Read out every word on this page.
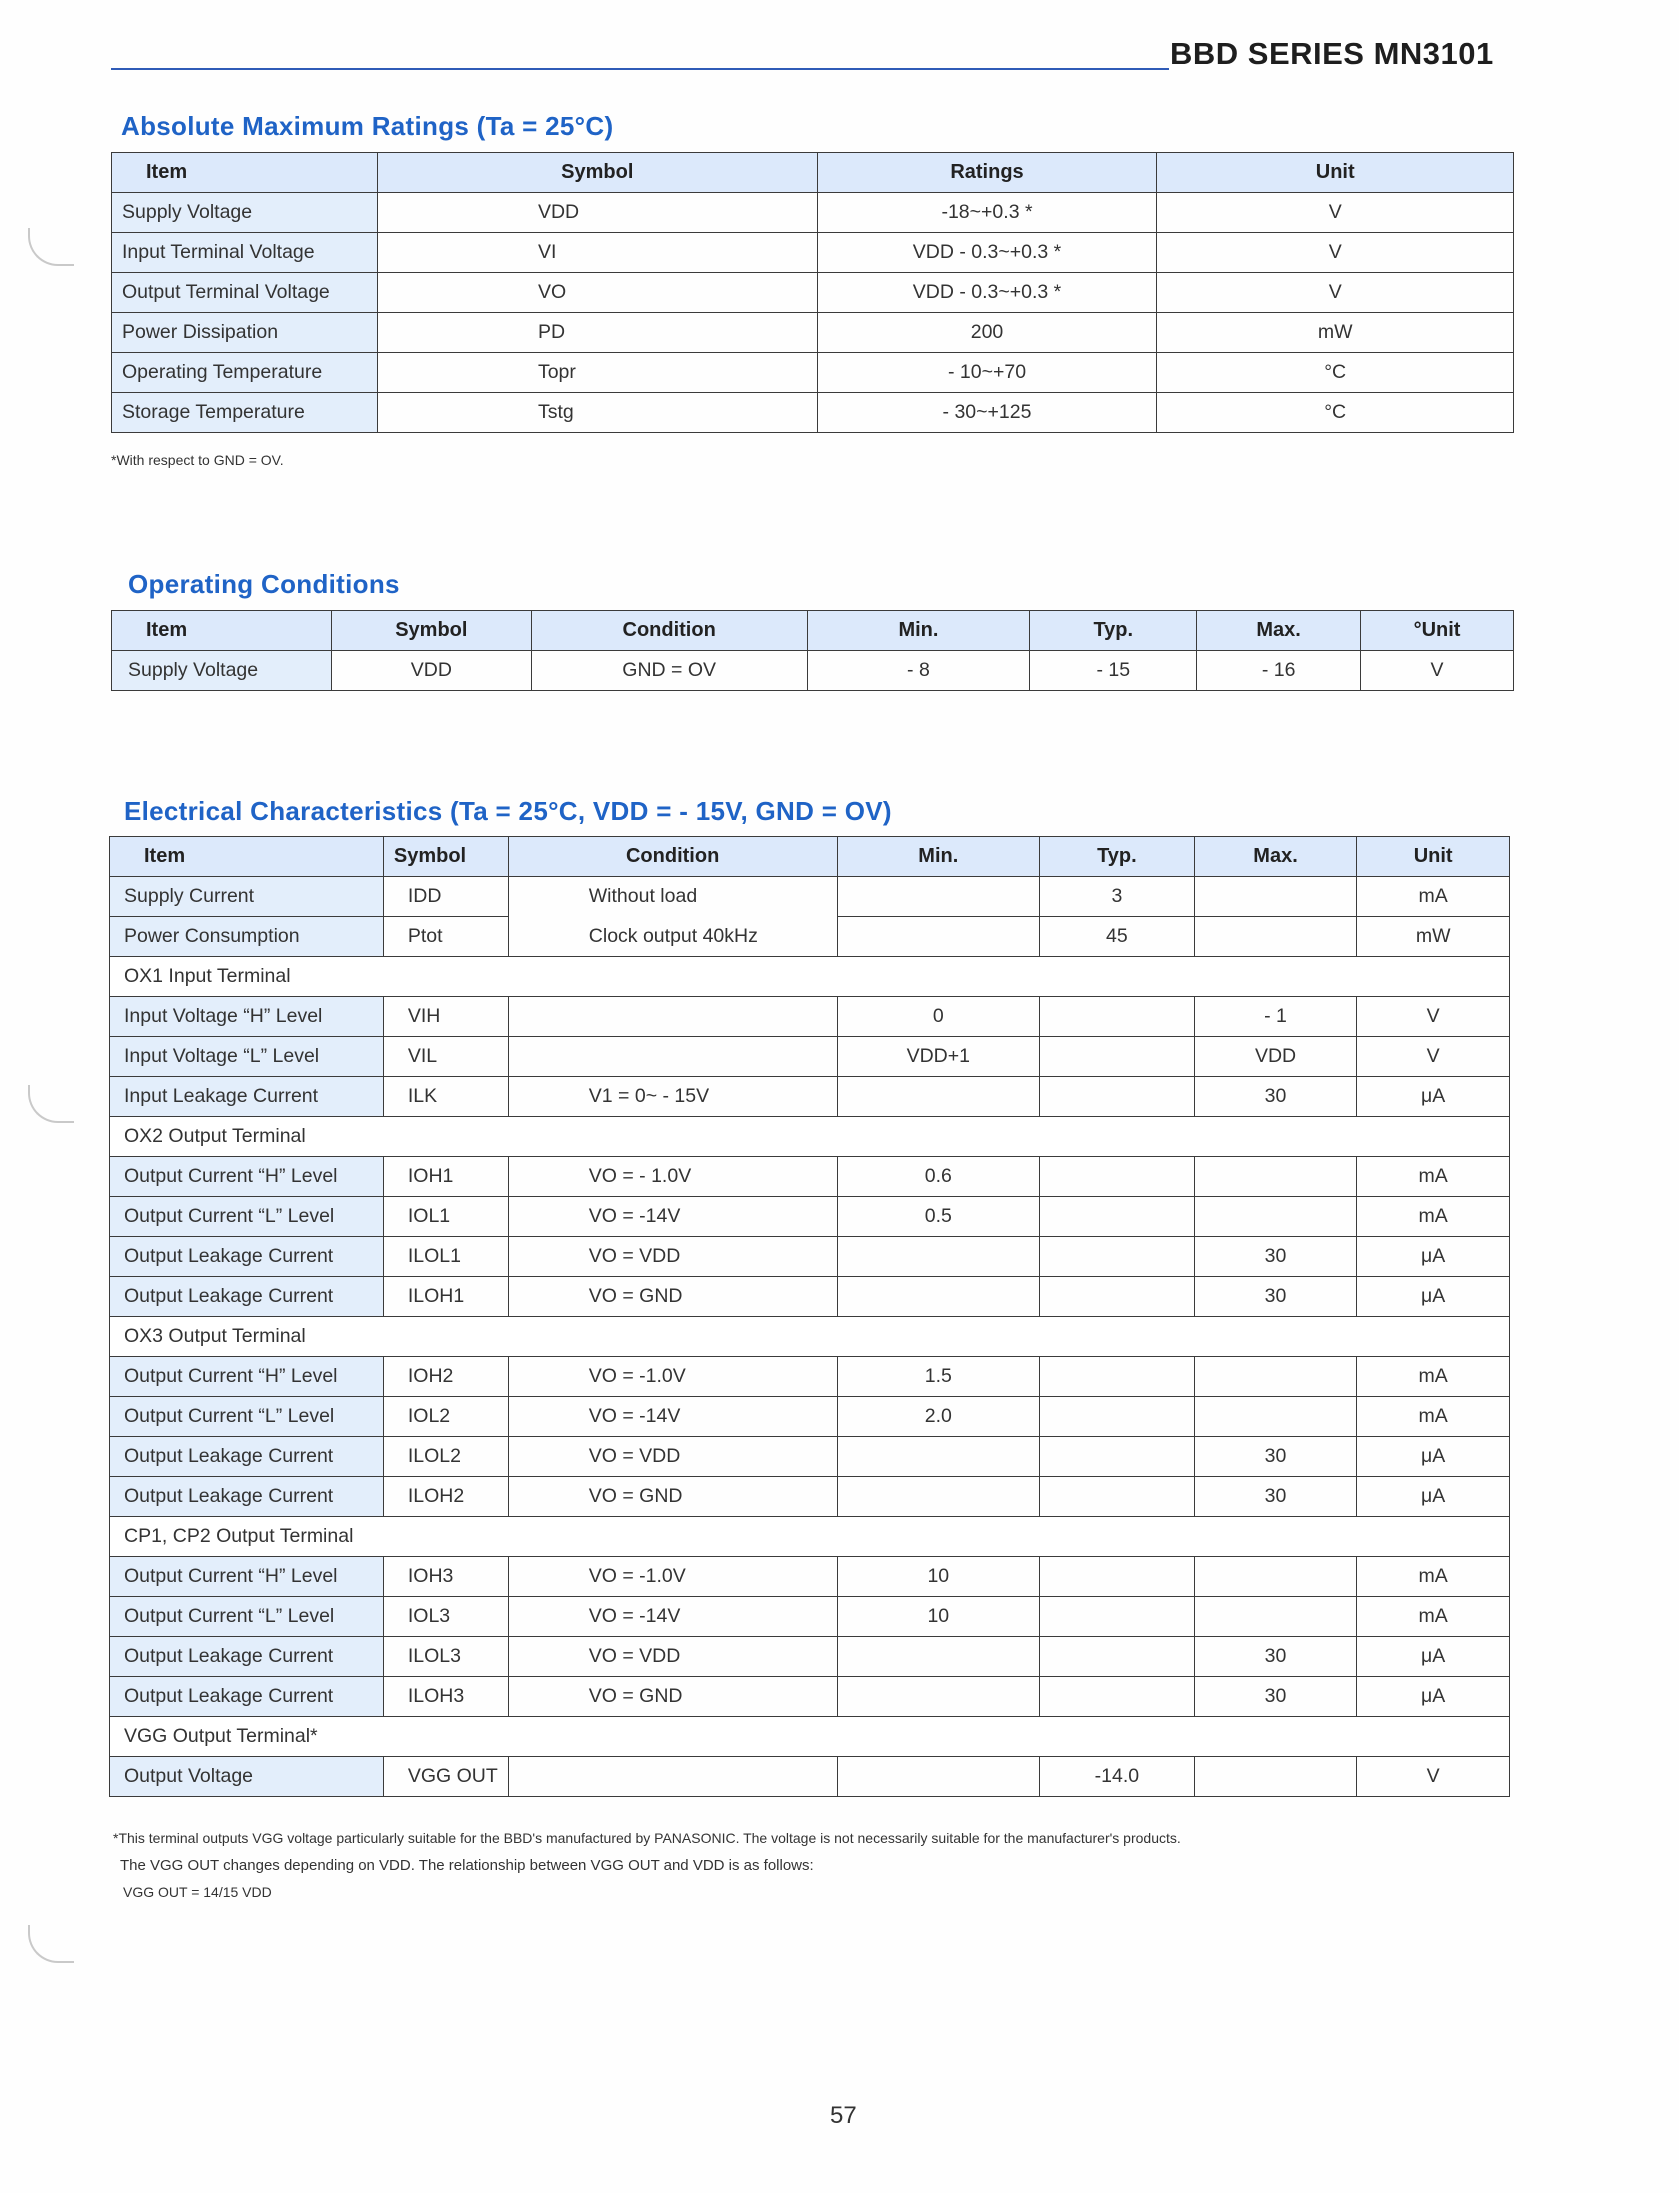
BBD SERIES MN3101
Absolute Maximum Ratings (Ta = 25°C)
Item	Symbol	Ratings	Unit
Supply Voltage	VDD	-18~+0.3 *	V
Input Terminal Voltage	VI	VDD - 0.3~+0.3 *	V
Output Terminal Voltage	VO	VDD - 0.3~+0.3 *	V
Power Dissipation	PD	200	mW
Operating Temperature	Topr	- 10~+70	°C
Storage Temperature	Tstg	- 30~+125	°C
*With respect to GND = OV.
Operating Conditions
Item	Symbol	Condition	Min.	Typ.	Max.	°Unit
Supply Voltage	VDD	GND = OV	- 8	- 15	- 16	V
Electrical Characteristics (Ta = 25°C, VDD = - 15V, GND = OV)
Item	Symbol	Condition	Min.	Typ.	Max.	Unit
Supply Current	IDD	Without load		3		mA
Power Consumption	Ptot	Clock output 40kHz		45		mW
OX1 Input Terminal						
Input Voltage “H” Level	VIH		0		- 1	V
Input Voltage “L” Level	VIL		VDD+1		VDD	V
Input Leakage Current	ILK	V1 = 0~ - 15V			30	μA
OX2 Output Terminal						
Output Current “H” Level	IOH1	VO = - 1.0V	0.6			mA
Output Current “L” Level	IOL1	VO = -14V	0.5			mA
Output Leakage Current	ILOL1	VO = VDD			30	μA
Output Leakage Current	ILOH1	VO = GND			30	μA
OX3 Output Terminal						
Output Current “H” Level	IOH2	VO = -1.0V	1.5			mA
Output Current “L” Level	IOL2	VO = -14V	2.0			mA
Output Leakage Current	ILOL2	VO = VDD			30	μA
Output Leakage Current	ILOH2	VO = GND			30	μA
CP1, CP2 Output Terminal						
Output Current “H” Level	IOH3	VO = -1.0V	10			mA
Output Current “L” Level	IOL3	VO = -14V	10			mA
Output Leakage Current	ILOL3	VO = VDD			30	μA
Output Leakage Current	ILOH3	VO = GND			30	μA
VGG Output Terminal*						
Output Voltage	VGG OUT			-14.0		V
*This terminal outputs VGG voltage particularly suitable for the BBD's manufactured by PANASONIC. The voltage is not necessarily suitable for the manufacturer's products.
The VGG OUT changes depending on VDD. The relationship between VGG OUT and VDD is as follows:
VGG OUT = 14/15 VDD
57
